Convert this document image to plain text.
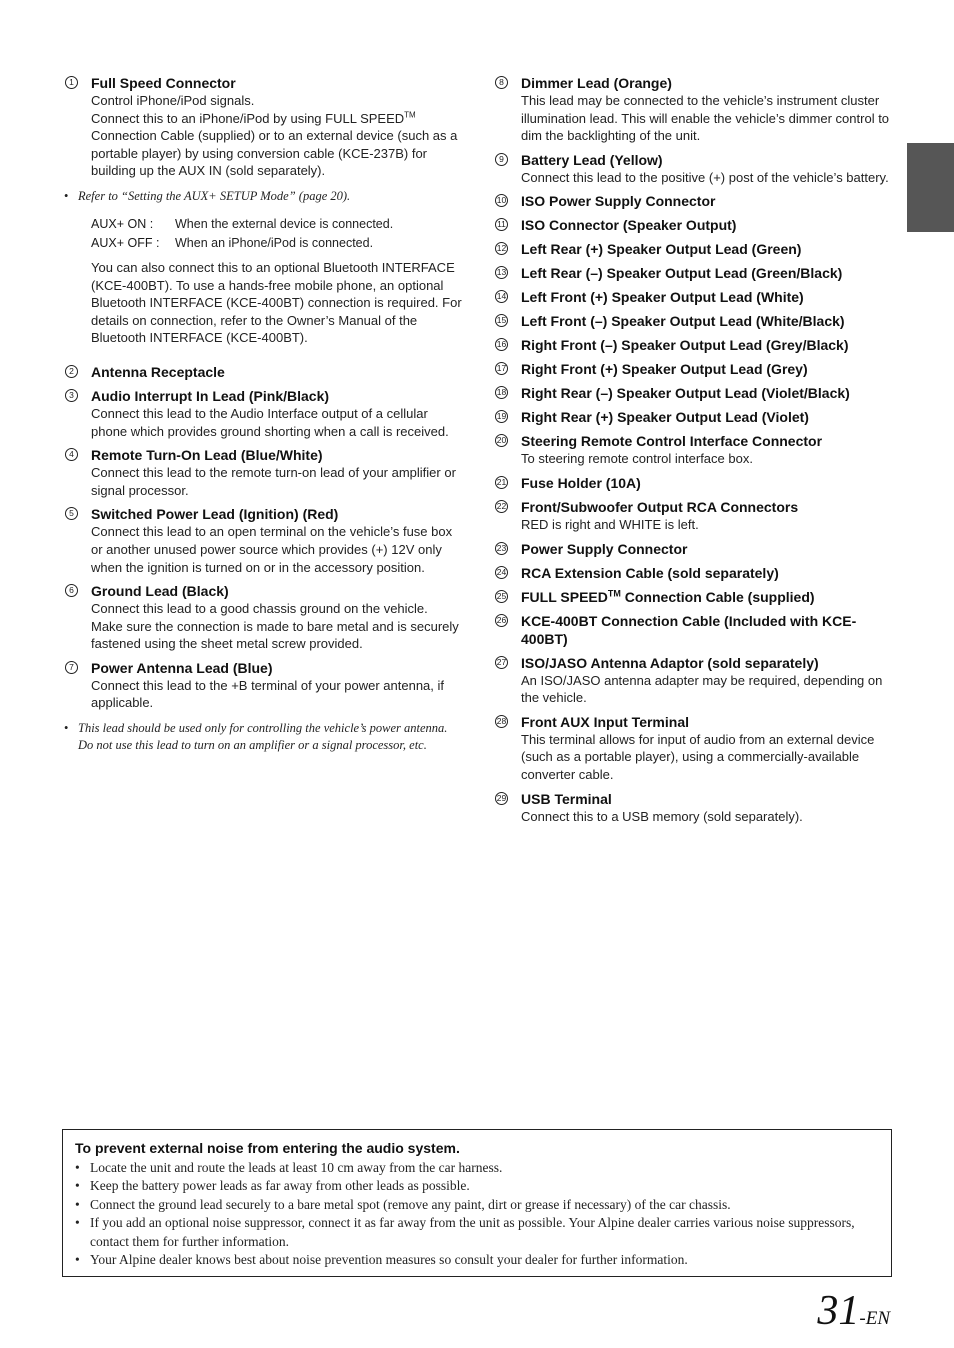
1 Full Speed Connector
Control iPhone/iPod signals.
Connect this to an iPhone/iPod by using FULL SPEED™ Connection Cable (supplied) or to an external device (such as a portable player) by using conversion cable (KCE-237B) for building up the AUX IN (sold separately).
• Refer to “Setting the AUX+ SETUP Mode” (page 20).
AUX+ ON :	When the external device is connected.
AUX+ OFF :	When an iPhone/iPod is connected.
You can also connect this to an optional Bluetooth INTERFACE (KCE-400BT). To use a hands-free mobile phone, an optional Bluetooth INTERFACE (KCE-400BT) connection is required. For details on connection, refer to the Owner’s Manual of the Bluetooth INTERFACE (KCE-400BT).
2 Antenna Receptacle
3 Audio Interrupt In Lead (Pink/Black)
Connect this lead to the Audio Interface output of a cellular phone which provides ground shorting when a call is received.
4 Remote Turn-On Lead (Blue/White)
Connect this lead to the remote turn-on lead of your amplifier or signal processor.
5 Switched Power Lead (Ignition) (Red)
Connect this lead to an open terminal on the vehicle’s fuse box or another unused power source which provides (+) 12V only when the ignition is turned on or in the accessory position.
6 Ground Lead (Black)
Connect this lead to a good chassis ground on the vehicle. Make sure the connection is made to bare metal and is securely fastened using the sheet metal screw provided.
7 Power Antenna Lead (Blue)
Connect this lead to the +B terminal of your power antenna, if applicable.
• This lead should be used only for controlling the vehicle’s power antenna. Do not use this lead to turn on an amplifier or a signal processor, etc.
8 Dimmer Lead (Orange)
This lead may be connected to the vehicle’s instrument cluster illumination lead. This will enable the vehicle’s dimmer control to dim the backlighting of the unit.
9 Battery Lead (Yellow)
Connect this lead to the positive (+) post of the vehicle’s battery.
10 ISO Power Supply Connector
11 ISO Connector (Speaker Output)
12 Left Rear (+) Speaker Output Lead (Green)
13 Left Rear (–) Speaker Output Lead (Green/Black)
14 Left Front (+) Speaker Output Lead (White)
15 Left Front (–) Speaker Output Lead (White/Black)
16 Right Front (–) Speaker Output Lead (Grey/Black)
17 Right Front (+) Speaker Output Lead (Grey)
18 Right Rear (–) Speaker Output Lead (Violet/Black)
19 Right Rear (+) Speaker Output Lead (Violet)
20 Steering Remote Control Interface Connector
To steering remote control interface box.
21 Fuse Holder (10A)
22 Front/Subwoofer Output RCA Connectors
RED is right and WHITE is left.
23 Power Supply Connector
24 RCA Extension Cable (sold separately)
25 FULL SPEED™ Connection Cable (supplied)
26 KCE-400BT Connection Cable (Included with KCE-400BT)
27 ISO/JASO Antenna Adaptor (sold separately)
An ISO/JASO antenna adapter may be required, depending on the vehicle.
28 Front AUX Input Terminal
This terminal allows for input of audio from an external device (such as a portable player), using a commercially-available converter cable.
29 USB Terminal
Connect this to a USB memory (sold separately).
To prevent external noise from entering the audio system.
• Locate the unit and route the leads at least 10 cm away from the car harness.
• Keep the battery power leads as far away from other leads as possible.
• Connect the ground lead securely to a bare metal spot (remove any paint, dirt or grease if necessary) of the car chassis.
• If you add an optional noise suppressor, connect it as far away from the unit as possible. Your Alpine dealer carries various noise suppressors, contact them for further information.
• Your Alpine dealer knows best about noise prevention measures so consult your dealer for further information.
31-EN
